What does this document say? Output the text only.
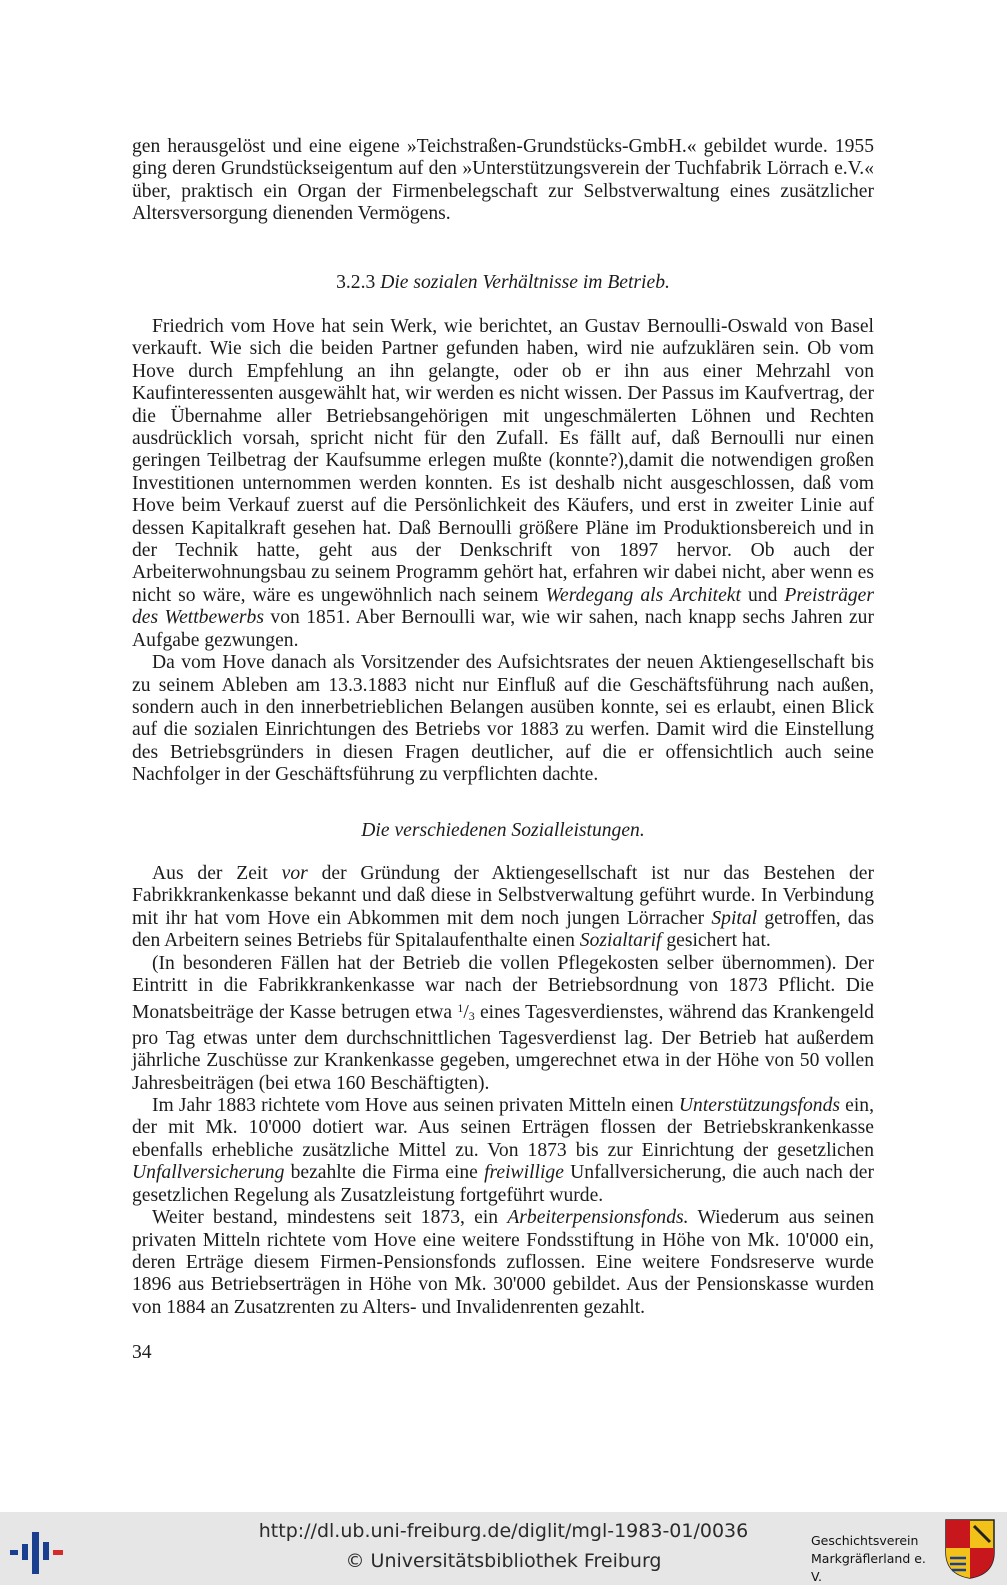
gen herausgelöst und eine eigene »Teichstraßen-Grundstücks-GmbH.« gebildet wurde. 1955 ging deren Grundstückseigentum auf den »Unterstützungsverein der Tuchfabrik Lörrach e.V.« über, praktisch ein Organ der Firmenbelegschaft zur Selbstverwaltung eines zusätzlicher Altersversorgung dienenden Vermögens.

3.2.3 Die sozialen Verhältnisse im Betrieb.

Friedrich vom Hove hat sein Werk, wie berichtet, an Gustav Bernoulli-Oswald von Basel verkauft. Wie sich die beiden Partner gefunden haben, wird nie aufzuklären sein. Ob vom Hove durch Empfehlung an ihn gelangte, oder ob er ihn aus einer Mehrzahl von Kaufinteressenten ausgewählt hat, wir werden es nicht wissen. Der Passus im Kaufvertrag, der die Übernahme aller Betriebsangehörigen mit ungeschmälerten Löhnen und Rechten ausdrücklich vorsah, spricht nicht für den Zufall. Es fällt auf, daß Bernoulli nur einen geringen Teilbetrag der Kaufsumme erlegen mußte (konnte?),damit die notwendigen großen Investitionen unternommen werden konnten. Es ist deshalb nicht ausgeschlossen, daß vom Hove beim Verkauf zuerst auf die Persönlichkeit des Käufers, und erst in zweiter Linie auf dessen Kapitalkraft gesehen hat. Daß Bernoulli größere Pläne im Produktionsbereich und in der Technik hatte, geht aus der Denkschrift von 1897 hervor. Ob auch der Arbeiterwohnungsbau zu seinem Programm gehört hat, erfahren wir dabei nicht, aber wenn es nicht so wäre, wäre es ungewöhnlich nach seinem Werdegang als Architekt und Preisträger des Wettbewerbs von 1851. Aber Bernoulli war, wie wir sahen, nach knapp sechs Jahren zur Aufgabe gezwungen.

Da vom Hove danach als Vorsitzender des Aufsichtsrates der neuen Aktiengesellschaft bis zu seinem Ableben am 13.3.1883 nicht nur Einfluß auf die Geschäftsführung nach außen, sondern auch in den innerbetrieblichen Belangen ausüben konnte, sei es erlaubt, einen Blick auf die sozialen Einrichtungen des Betriebs vor 1883 zu werfen. Damit wird die Einstellung des Betriebsgründers in diesen Fragen deutlicher, auf die er offensichtlich auch seine Nachfolger in der Geschäftsführung zu verpflichten dachte.

Die verschiedenen Sozialleistungen.

Aus der Zeit vor der Gründung der Aktiengesellschaft ist nur das Bestehen der Fabrikkrankenkasse bekannt und daß diese in Selbstverwaltung geführt wurde. In Verbindung mit ihr hat vom Hove ein Abkommen mit dem noch jungen Lörracher Spital getroffen, das den Arbeitern seines Betriebs für Spitalaufenthalte einen Sozialtarif gesichert hat.

(In besonderen Fällen hat der Betrieb die vollen Pflegekosten selber übernommen). Der Eintritt in die Fabrikkrankenkasse war nach der Betriebsordnung von 1873 Pflicht. Die Monatsbeiträge der Kasse betrugen etwa $^1$/3 eines Tagesverdienstes, während das Krankengeld pro Tag etwas unter dem durchschnittlichen Tagesverdienst lag. Der Betrieb hat außerdem jährliche Zuschüsse zur Krankenkasse gegeben, umgerechnet etwa in der Höhe von 50 vollen Jahresbeiträgen (bei etwa 160 Beschäftigten).

Im Jahr 1883 richtete vom Hove aus seinen privaten Mitteln einen Unterstützungsfonds ein, der mit Mk. 10'000 dotiert war. Aus seinen Erträgen flossen der Betriebskrankenkasse ebenfalls erhebliche zusätzliche Mittel zu. Von 1873 bis zur Einrichtung der gesetzlichen Unfallversicherung bezahlte die Firma eine freiwillige Unfallversicherung, die auch nach der gesetzlichen Regelung als Zusatzleistung fortgeführt wurde.

Weiter bestand, mindestens seit 1873, ein Arbeiterpensionsfonds. Wiederum aus seinen privaten Mitteln richtete vom Hove eine weitere Fondsstiftung in Höhe von Mk. 10'000 ein, deren Erträge diesem Firmen-Pensionsfonds zuflossen. Eine weitere Fondsreserve wurde 1896 aus Betriebserträgen in Höhe von Mk. 30'000 gebildet. Aus der Pensionskasse wurden von 1884 an Zusatzrenten zu Alters- und Invalidenrenten gezahlt.

34
http://dl.ub.uni-freiburg.de/diglit/mgl-1983-01/0036
© Universitätsbibliothek Freiburg
Geschichtsverein
Markgräflerland e. V.
